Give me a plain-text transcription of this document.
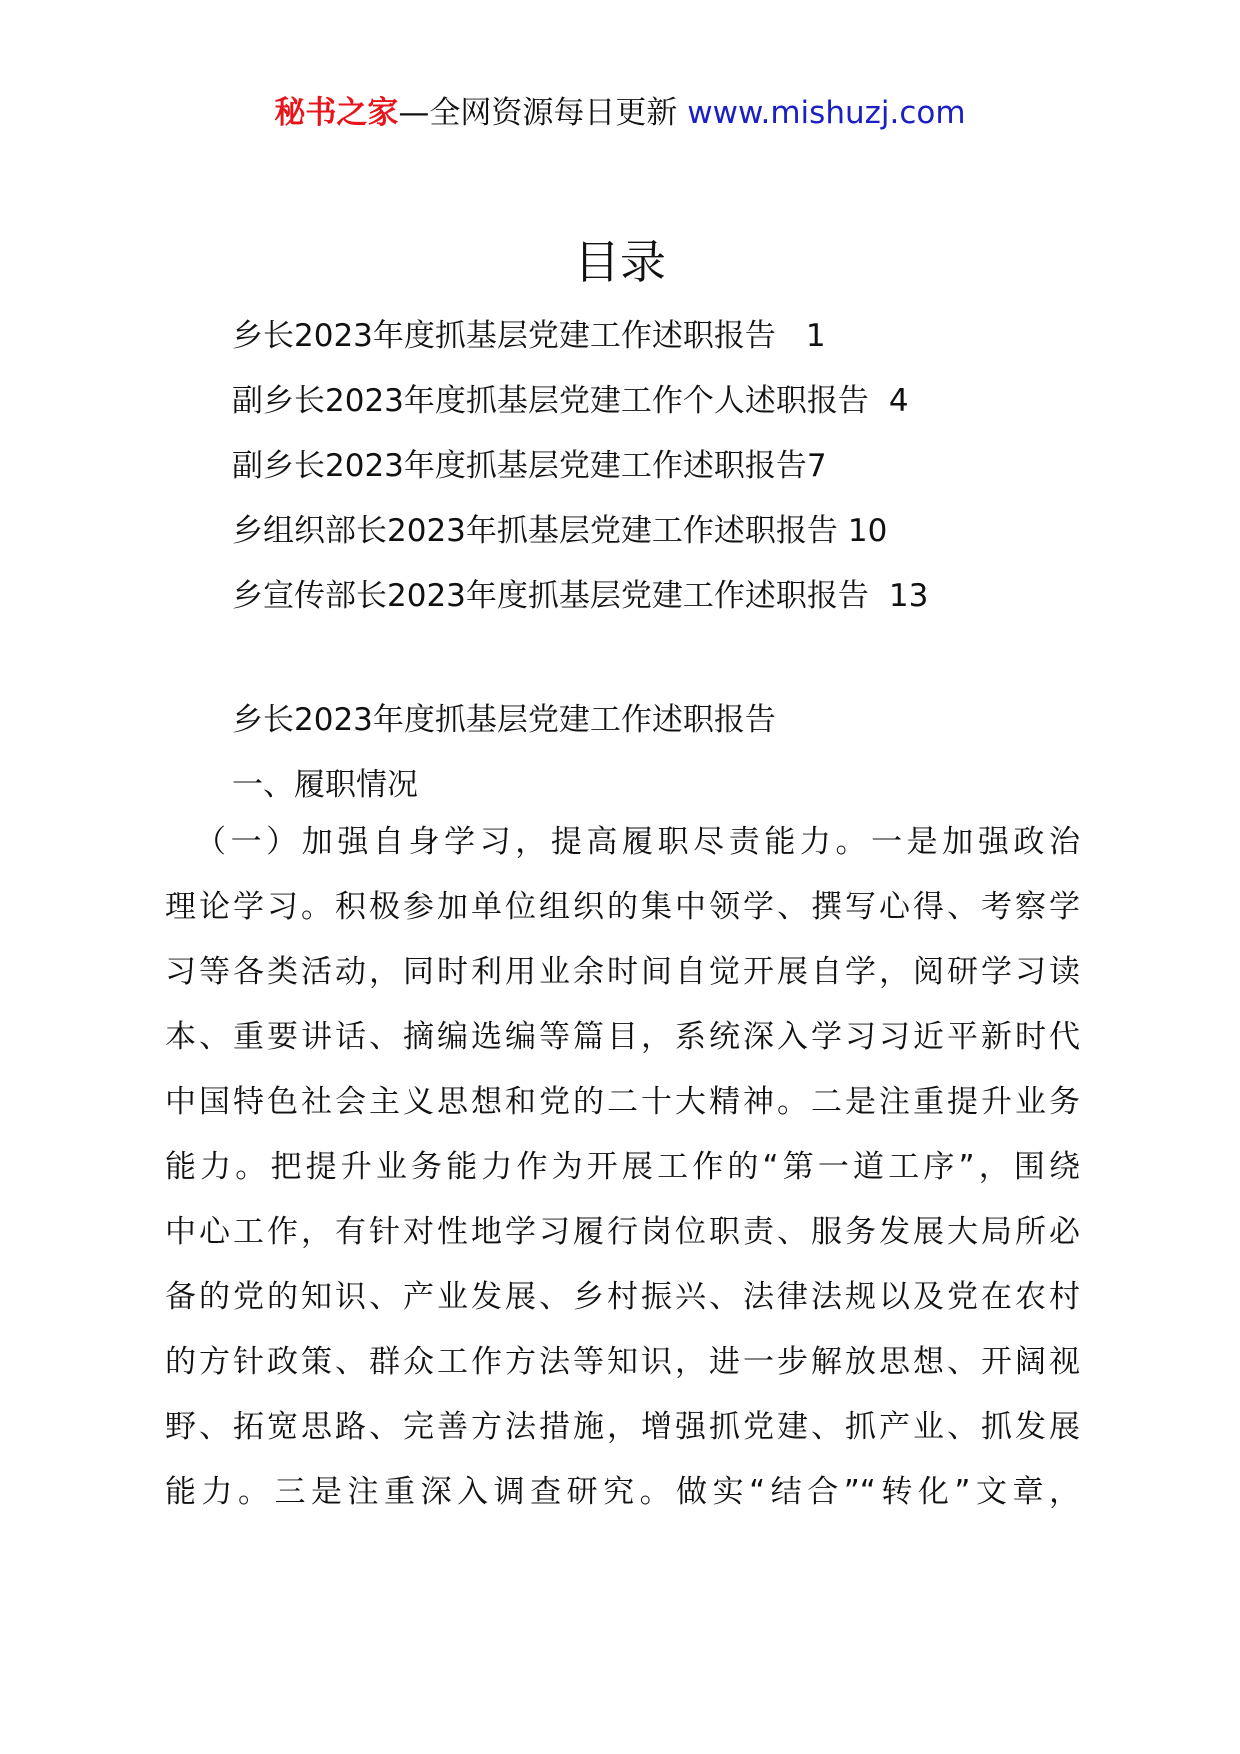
秘书之家—全网资源每日更新 www.mishuzj.com
目录
乡长2023年度抓基层党建工作述职报告 1
副乡长2023年度抓基层党建工作个人述职报告 4
副乡长2023年度抓基层党建工作述职报告7
乡组织部长2023年抓基层党建工作述职报告 10
乡宣传部长2023年度抓基层党建工作述职报告 13
乡长2023年度抓基层党建工作述职报告
一、履职情况
（一）加强自身学习，提高履职尽责能力。一是加强政治
理论学习。积极参加单位组织的集中领学、撰写心得、考察学
习等各类活动，同时利用业余时间自觉开展自学，阅研学习读
本、重要讲话、摘编选编等篇目，系统深入学习习近平新时代
中国特色社会主义思想和党的二十大精神。二是注重提升业务
能力。把提升业务能力作为开展工作的“第一道工序”，围绕
中心工作，有针对性地学习履行岗位职责、服务发展大局所必
备的党的知识、产业发展、乡村振兴、法律法规以及党在农村
的方针政策、群众工作方法等知识，进一步解放思想、开阔视
野、拓宽思路、完善方法措施，增强抓党建、抓产业、抓发展
能力。三是注重深入调查研究。做实“结合”“转化”文章，
